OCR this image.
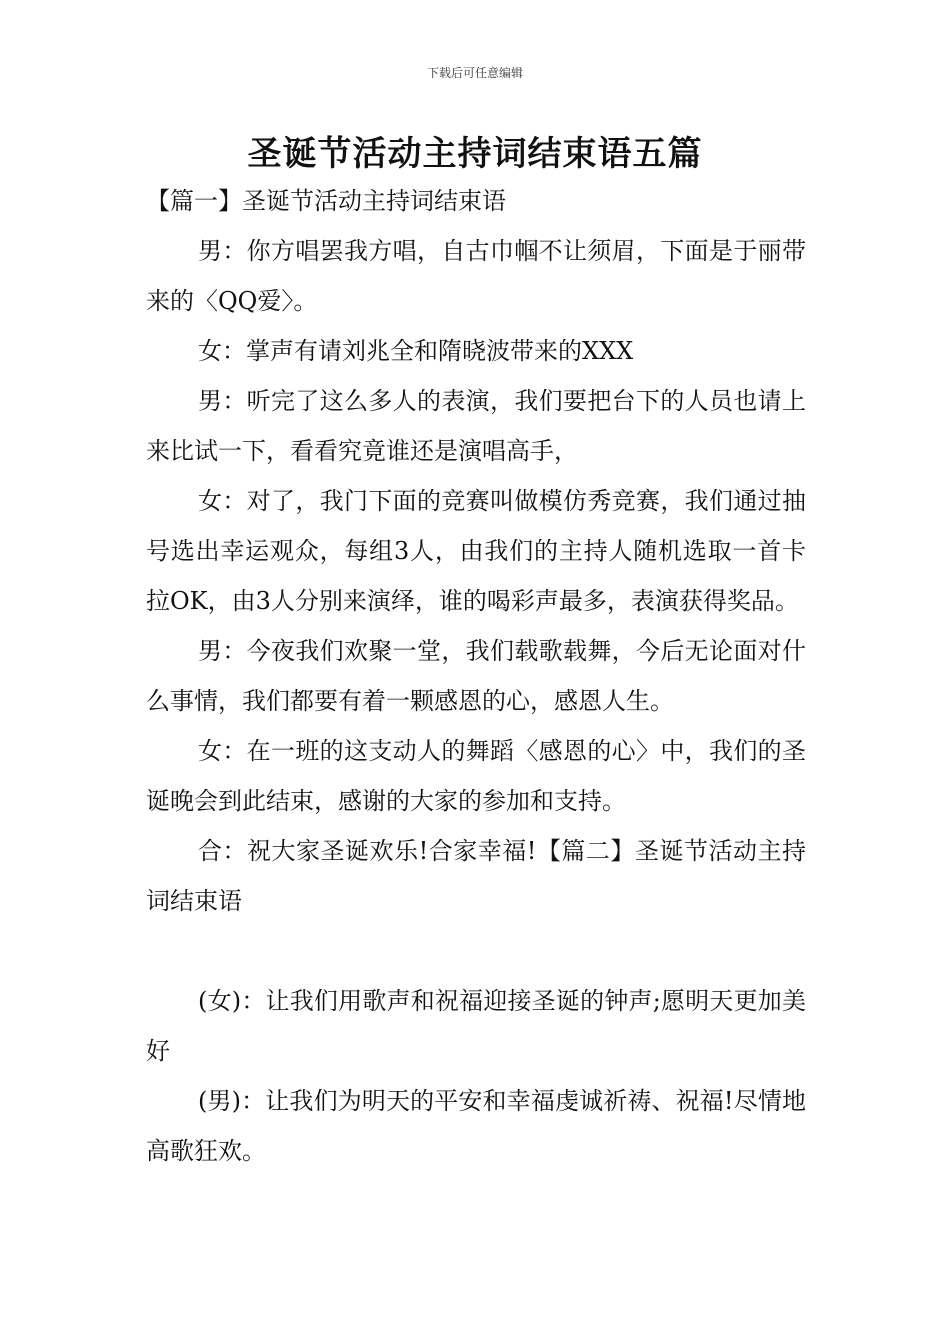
下载后可任意编辑
圣诞节活动主持词结束语五篇

【篇一】圣诞节活动主持词结束语

男：你方唱罢我方唱，自古巾帼不让须眉，下面是于丽带来的〈QQ爱〉。

女：掌声有请刘兆全和隋晓波带来的XXX

男：听完了这么多人的表演，我们要把台下的人员也请上来比试一下，看看究竟谁还是演唱高手，

女：对了，我门下面的竞赛叫做模仿秀竞赛，我们通过抽号选出幸运观众，每组3人，由我们的主持人随机选取一首卡拉OK，由3人分别来演绎，谁的喝彩声最多，表演获得奖品。

男：今夜我们欢聚一堂，我们载歌载舞，今后无论面对什么事情，我们都要有着一颗感恩的心，感恩人生。

女：在一班的这支动人的舞蹈〈感恩的心〉中，我们的圣诞晚会到此结束，感谢的大家的参加和支持。

合：祝大家圣诞欢乐!合家幸福!【篇二】圣诞节活动主持词结束语

(女)：让我们用歌声和祝福迎接圣诞的钟声;愿明天更加美好

(男)：让我们为明天的平安和幸福虔诚祈祷、祝福!尽情地高歌狂欢。
